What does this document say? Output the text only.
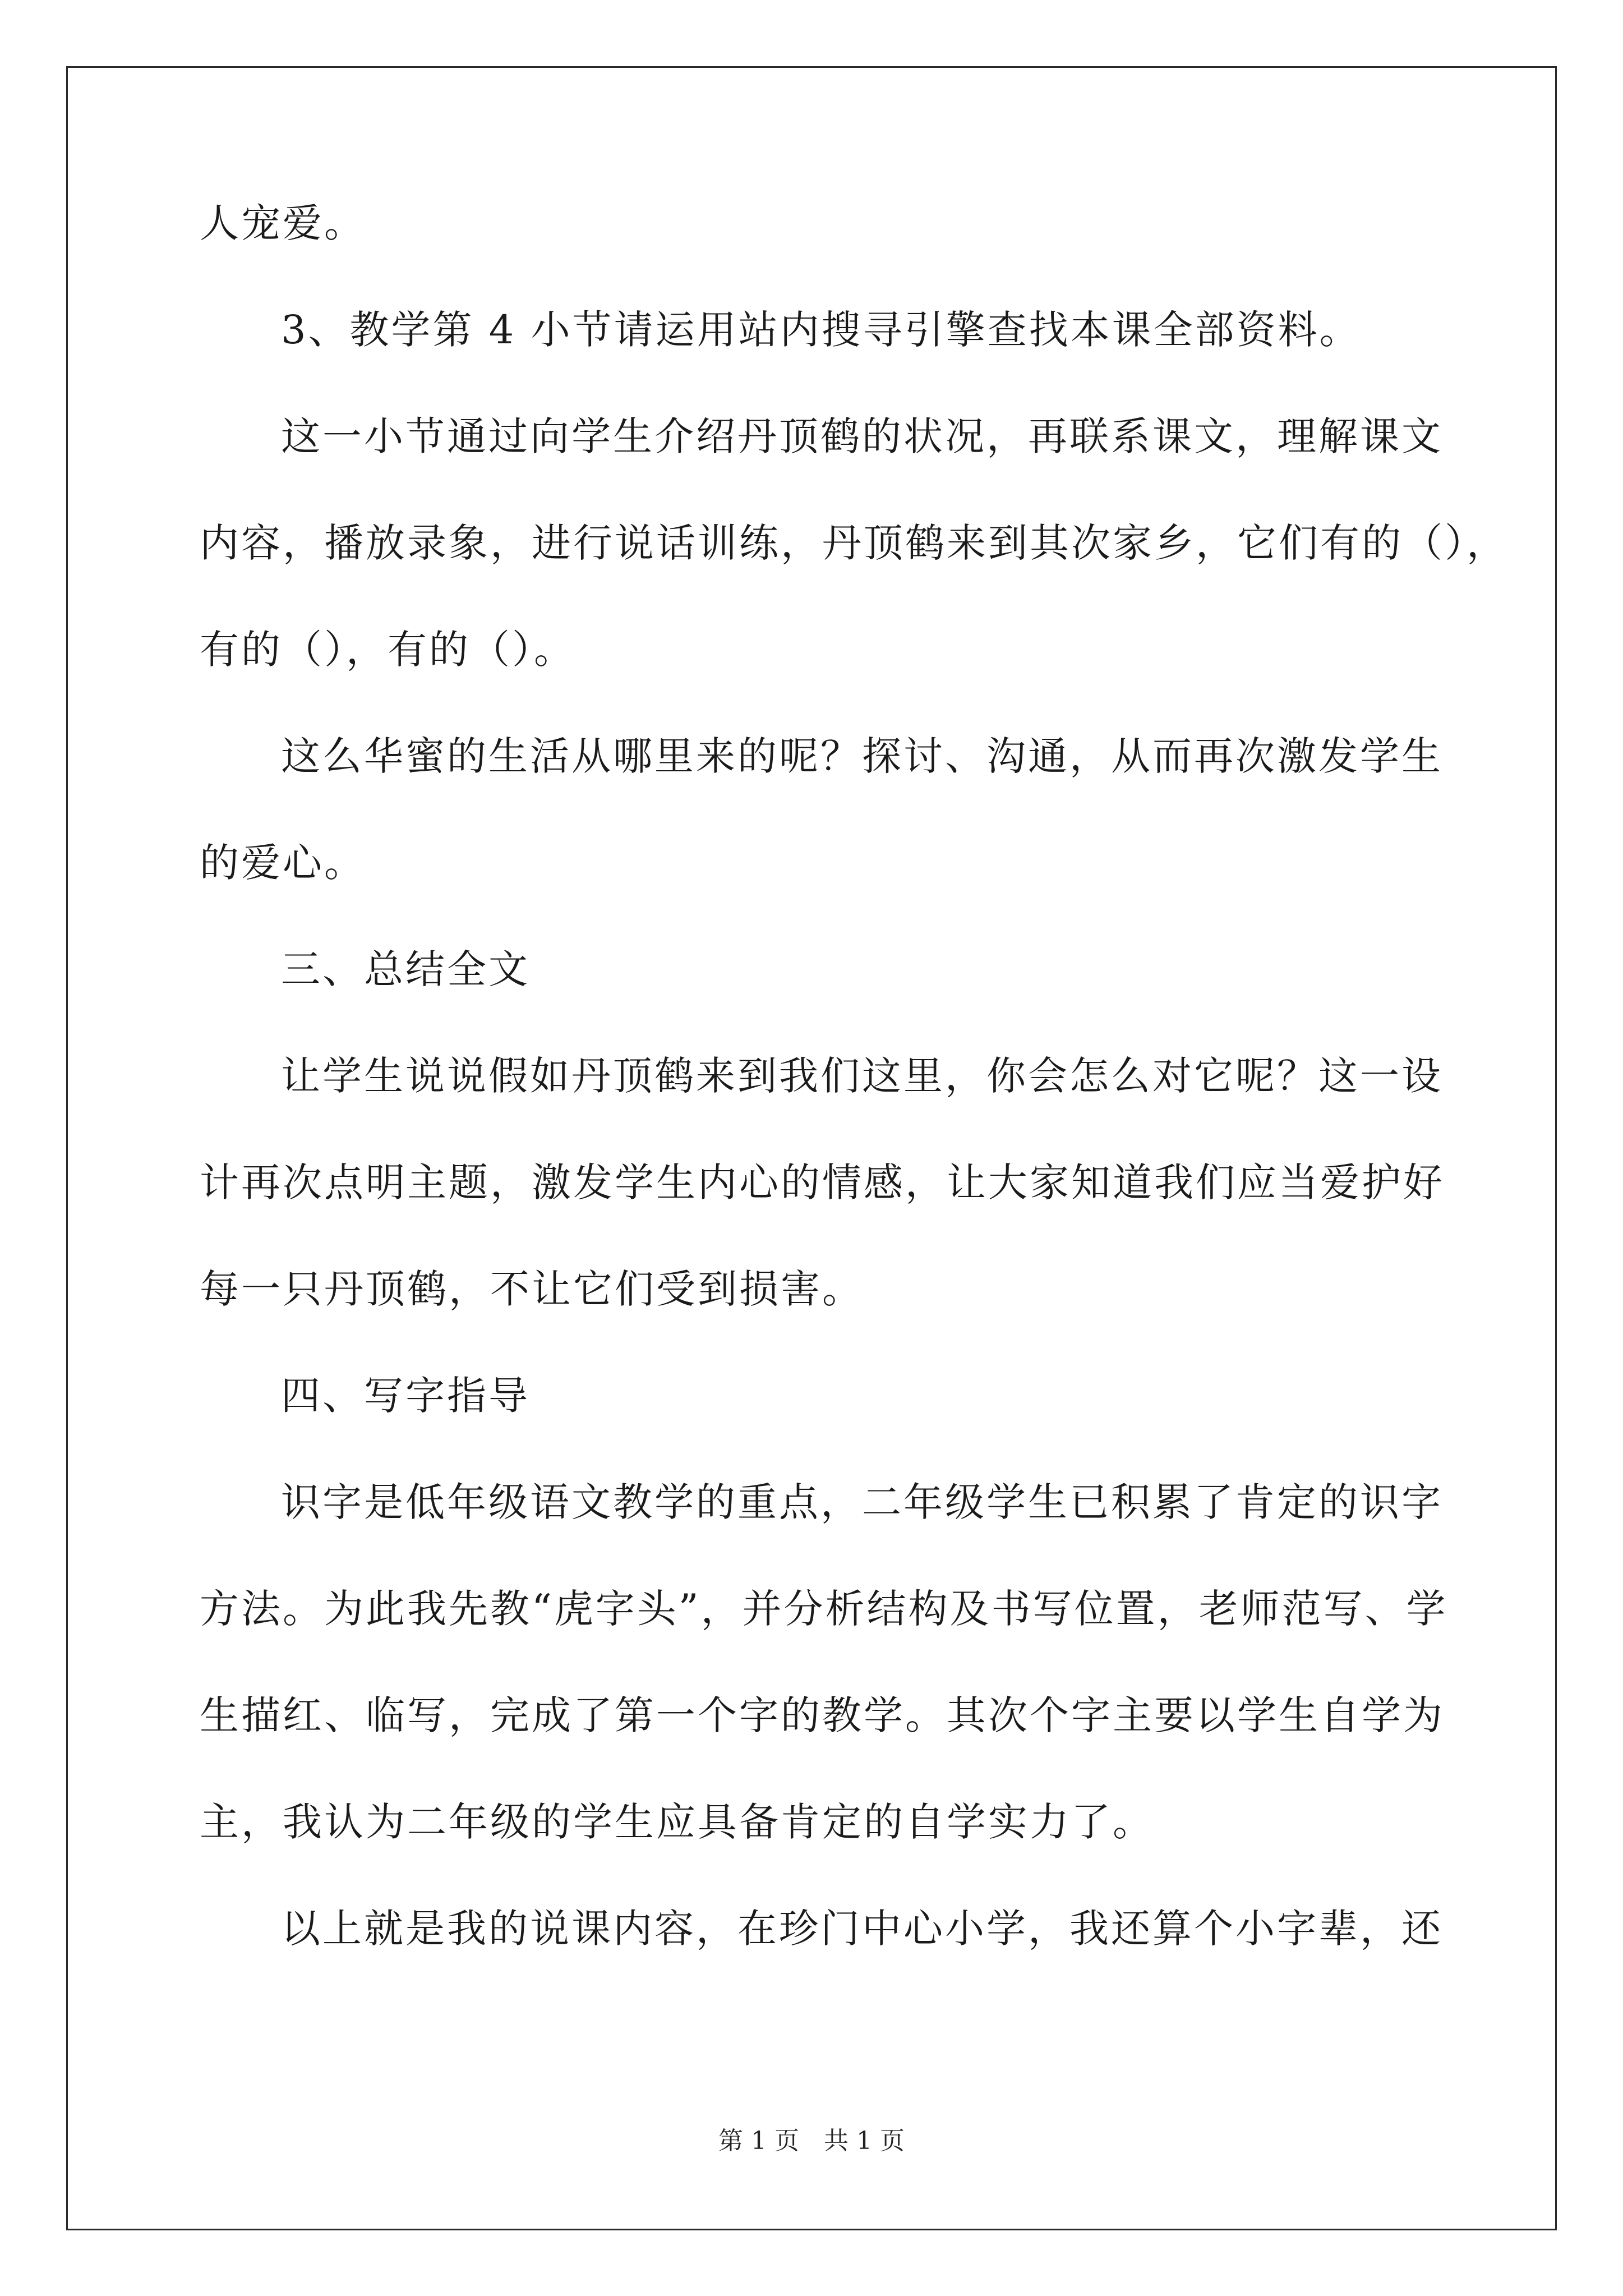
人宠爱。

3、教学第 4 小节请运用站内搜寻引擎查找本课全部资料。

这一小节通过向学生介绍丹顶鹤的状况，再联系课文，理解课文

内容，播放录象，进行说话训练，丹顶鹤来到其次家乡，它们有的（），

有的（），有的（）。

这么华蜜的生活从哪里来的呢？探讨、沟通，从而再次激发学生

的爱心。

三、总结全文

让学生说说假如丹顶鹤来到我们这里，你会怎么对它呢？这一设

计再次点明主题，激发学生内心的情感，让大家知道我们应当爱护好

每一只丹顶鹤，不让它们受到损害。

四、写字指导

识字是低年级语文教学的重点，二年级学生已积累了肯定的识字

方法。为此我先教“虎字头”，并分析结构及书写位置，老师范写、学

生描红、临写，完成了第一个字的教学。其次个字主要以学生自学为

主，我认为二年级的学生应具备肯定的自学实力了。

以上就是我的说课内容，在珍门中心小学，我还算个小字辈，还

第 1 页　共 1 页
